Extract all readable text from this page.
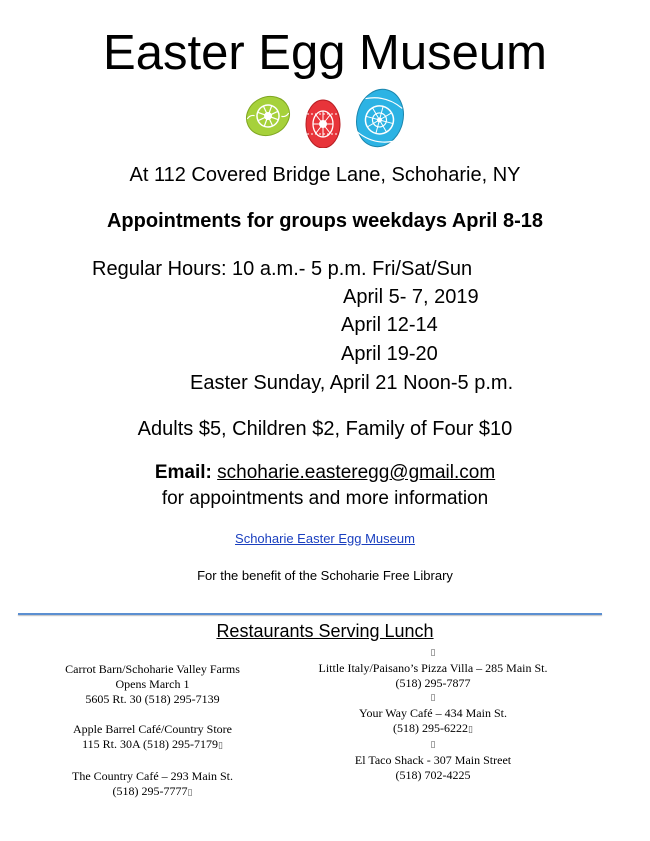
Easter Egg Museum
At 112 Covered Bridge Lane, Schoharie, NY
Appointments for groups weekdays April 8-18
Regular Hours: 10 a.m.- 5 p.m. Fri/Sat/Sun
April 5- 7, 2019
April 12-14
April 19-20
Easter Sunday, April 21 Noon-5 p.m.
Adults $5, Children $2, Family of Four $10
Email: schoharie.easteregg@gmail.com
for appointments and more information
Schoharie Easter Egg Museum
For the benefit of the Schoharie Free Library
Restaurants Serving Lunch
Carrot Barn/Schoharie Valley Farms
Opens March 1
5605 Rt. 30 (518) 295-7139
Apple Barrel Café/Country Store
115 Rt. 30A (518) 295-7179▯
The Country Café – 293 Main St.
(518) 295-7777▯
▯
Little Italy/Paisano’s Pizza Villa – 285 Main St.
(518) 295-7877
▯
Your Way Café – 434 Main St.
(518) 295-6222▯
▯
El Taco Shack - 307 Main Street
(518) 702-4225
